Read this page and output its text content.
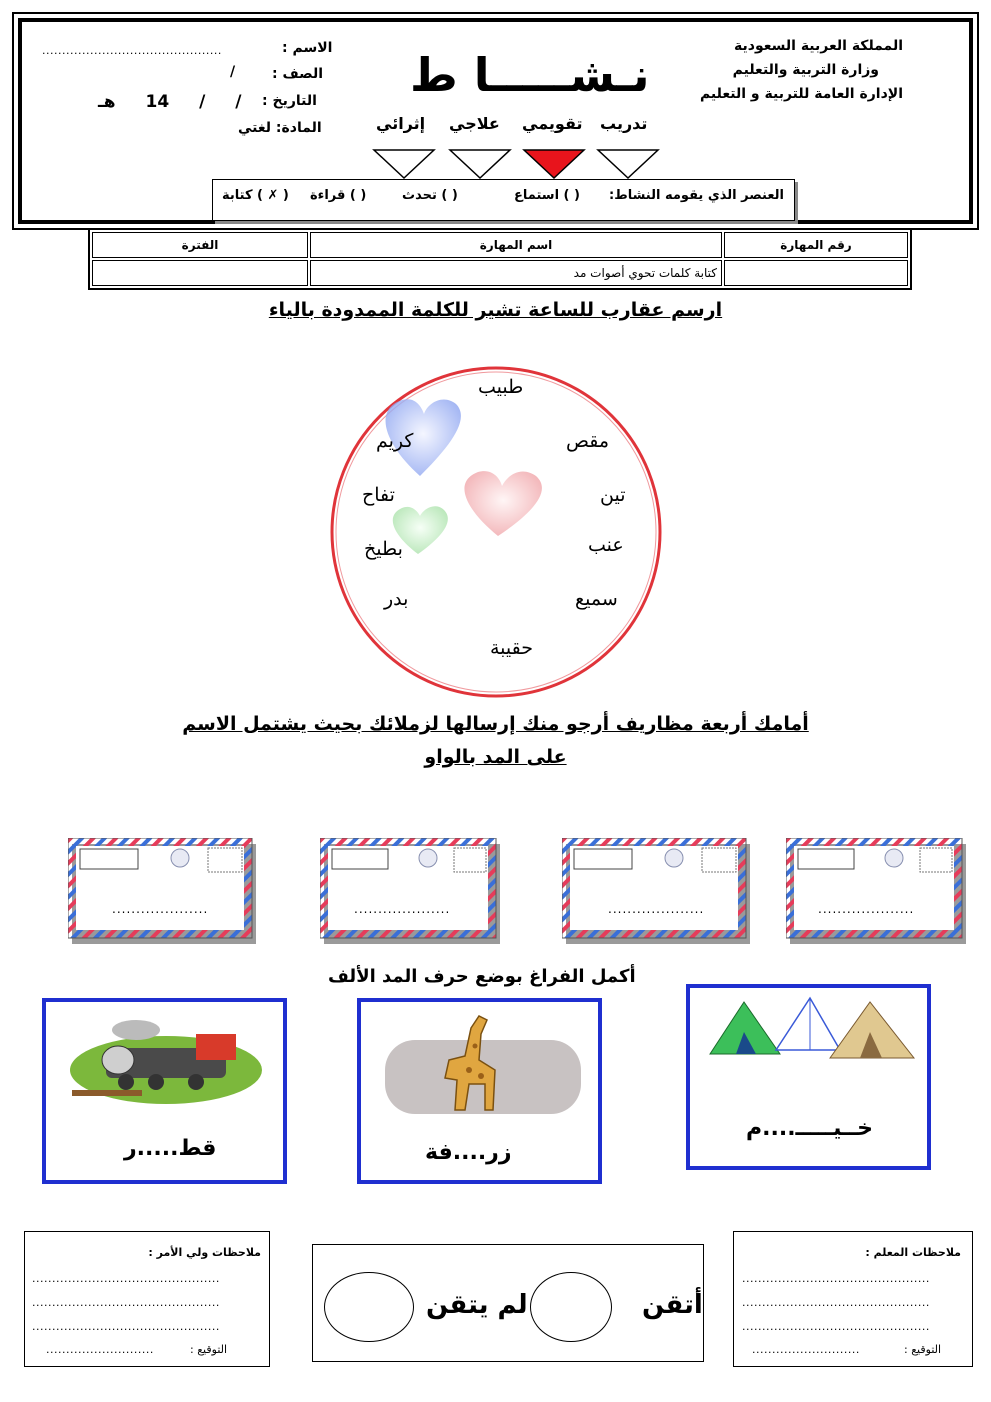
المملكة العربية السعودية
وزارة التربية والتعليم
الإدارة العامة للتربية و التعليم
نـشـــــا ط
الاسم :
.............................................
الصف :
/
التاريخ :
/ / 14 هـ
المادة: لغتي	تدريب
تقويمي
علاجي
إثرائي
العنصر الذي يقومه النشاط:
( ) استماع
( ) تحدث
( ) قراءة
( ✗ ) كتابة
الفترة	اسم المهارة	رقم المهارة
	كتابة كلمات تحوي أصوات مد	
ارسم عقارب للساعة تشير للكلمة الممدودة بالياء
طبيب
مقص
تين
عنب
سميع
حقيبة
بدر
بطيخ
تفاح
كريم
أمامك أربعة مظاريف أرجو منك إرسالها لزملائك بحيث يشتمل الاسم
على المد بالواو
....................	....................	....................	....................
أكمل الفراغ بوضع حرف المد الألف
قط.....ر	زر....فة
خــيـــــ....م
ملاحظات ولي الأمر :
...............................................
...............................................
...............................................
التوقيع :
...........................
أتقن
لم يتقن
ملاحظات المعلم :
...............................................
...............................................
...............................................
التوقيع :
...........................
